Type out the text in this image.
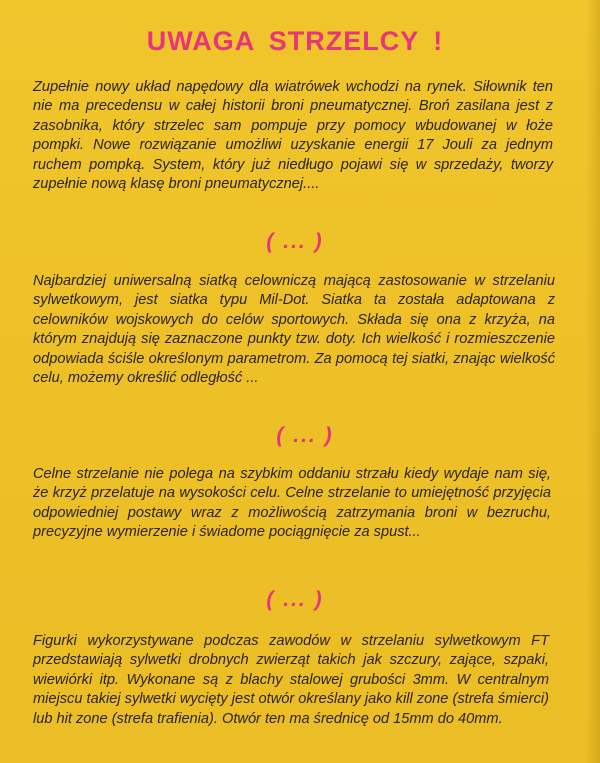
UWAGA STRZELCY !

Zupełnie nowy układ napędowy dla wiatrówek wchodzi na rynek. Siłownik ten nie ma precedensu w całej historii broni pneumatycznej. Broń zasilana jest z zasobnika, który strzelec sam pompuje przy pomocy wbudowanej w łoże pompki. Nowe rozwiązanie umożliwi uzyskanie energii 17 Jouli za jednym ruchem pompką. System, który już niedługo pojawi się w sprzedaży, tworzy zupełnie nową klasę broni pneumatycznej....

( ... )

Najbardziej uniwersalną siatką celowniczą mającą zastosowanie w strzelaniu sylwetkowym, jest siatka typu Mil-Dot. Siatka ta została adaptowana z celowników wojskowych do celów sportowych. Składa się ona z krzyża, na którym znajdują się zaznaczone punkty tzw. doty. Ich wielkość i rozmieszczenie odpowiada ściśle określonym parametrom. Za pomocą tej siatki, znając wielkość celu, możemy określić odległość ...

( ... )

Celne strzelanie nie polega na szybkim oddaniu strzału kiedy wydaje nam się, że krzyż przelatuje na wysokości celu. Celne strzelanie to umiejętność przyjęcia odpowiedniej postawy wraz z możliwością zatrzymania broni w bezruchu, precyzyjne wymierzenie i świadome pociągnięcie za spust...

( ... )

Figurki wykorzystywane podczas zawodów w strzelaniu sylwetkowym FT przedstawiają sylwetki drobnych zwierząt takich jak szczury, zające, szpaki, wiewiórki itp. Wykonane są z blachy stalowej grubości 3mm. W centralnym miejscu takiej sylwetki wycięty jest otwór określany jako kill zone (strefa śmierci) lub hit zone (strefa trafienia). Otwór ten ma średnicę od 15mm do 40mm.
